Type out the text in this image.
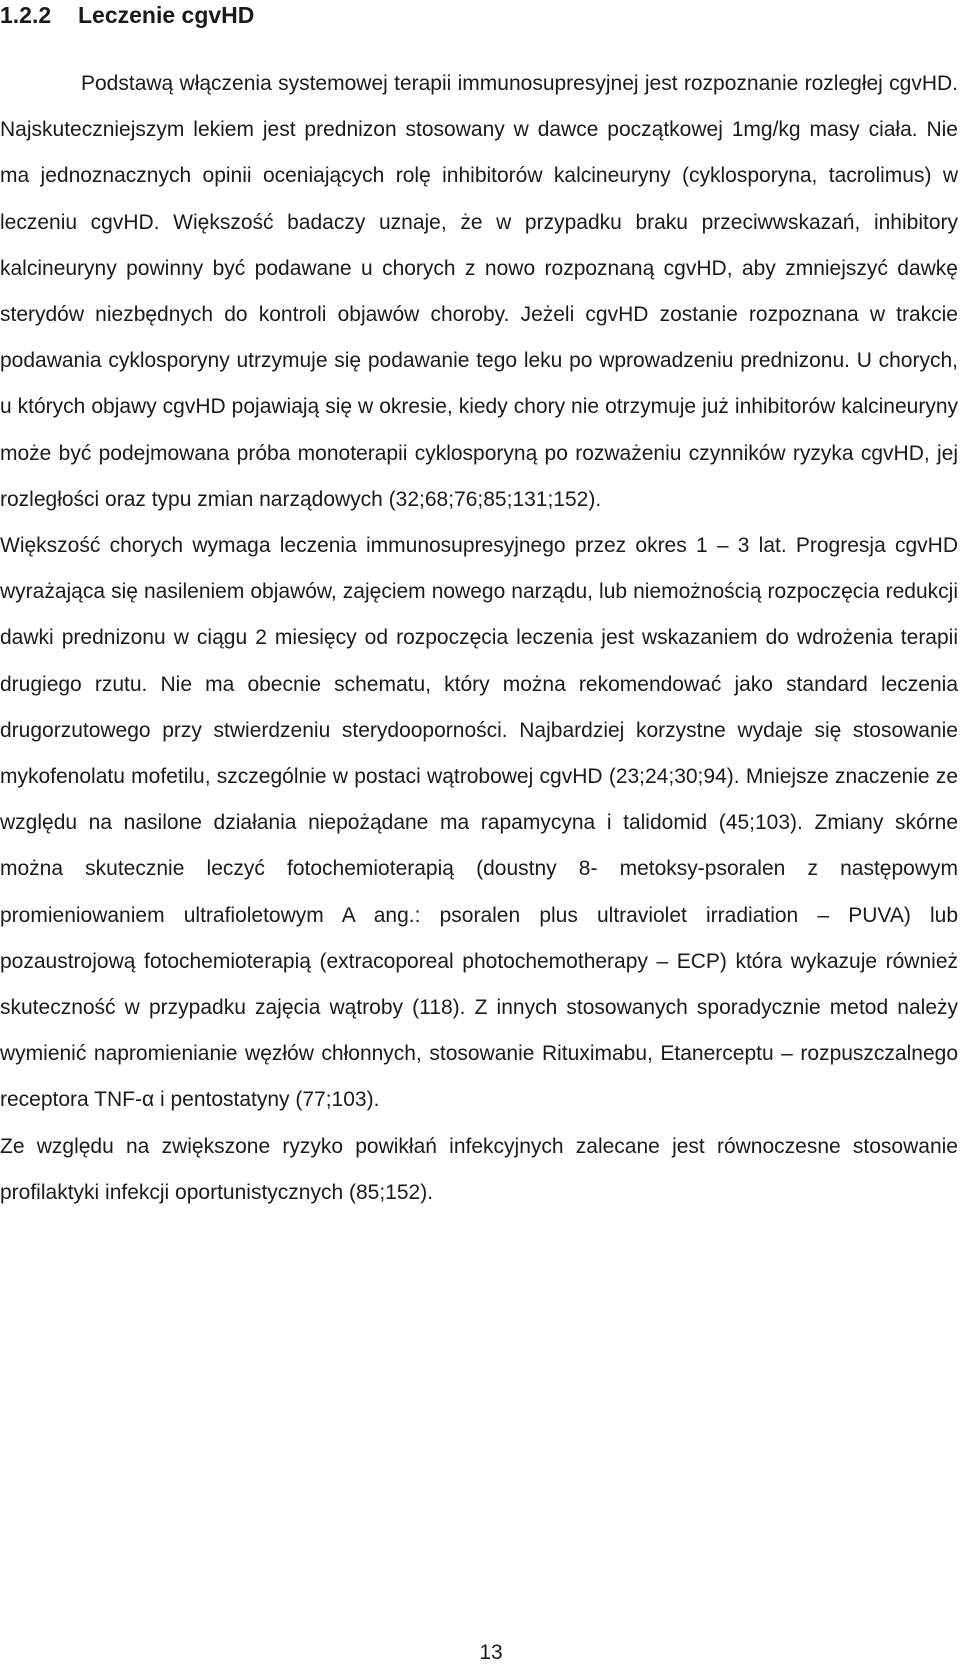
1.2.2 Leczenie cgvHD

Podstawą włączenia systemowej terapii immunosupresyjnej jest rozpoznanie rozległej cgvHD. Najskuteczniejszym lekiem jest prednizon stosowany w dawce początkowej 1mg/kg masy ciała. Nie ma jednoznacznych opinii oceniających rolę inhibitorów kalcineuryny (cyklosporyna, tacrolimus) w leczeniu cgvHD. Większość badaczy uznaje, że w przypadku braku przeciwwskazań, inhibitory kalcineuryny powinny być podawane u chorych z nowo rozpoznaną cgvHD, aby zmniejszyć dawkę sterydów niezbędnych do kontroli objawów choroby. Jeżeli cgvHD zostanie rozpoznana w trakcie podawania cyklosporyny utrzymuje się podawanie tego leku po wprowadzeniu prednizonu. U chorych, u których objawy cgvHD pojawiają się w okresie, kiedy chory nie otrzymuje już inhibitorów kalcineuryny może być podejmowana próba monoterapii cyklosporyną po rozważeniu czynników ryzyka cgvHD, jej rozległości oraz typu zmian narządowych (32;68;76;85;131;152).

Większość chorych wymaga leczenia immunosupresyjnego przez okres 1 – 3 lat. Progresja cgvHD wyrażająca się nasileniem objawów, zajęciem nowego narządu, lub niemożnością rozpoczęcia redukcji dawki prednizonu w ciągu 2 miesięcy od rozpoczęcia leczenia jest wskazaniem do wdrożenia terapii drugiego rzutu. Nie ma obecnie schematu, który można rekomendować jako standard leczenia drugorzutowego przy stwierdzeniu sterydooporności. Najbardziej korzystne wydaje się stosowanie mykofenolatu mofetilu, szczególnie w postaci wątrobowej cgvHD (23;24;30;94). Mniejsze znaczenie ze względu na nasilone działania niepożądane ma rapamycyna i talidomid (45;103). Zmiany skórne można skutecznie leczyć fotochemioterapią (doustny 8- metoksy-psoralen z następowym promieniowaniem ultrafioletowym A ang.: psoralen plus ultraviolet irradiation – PUVA) lub pozaustrojową fotochemioterapią (extracoporeal photochemotherapy – ECP) która wykazuje również skuteczność w przypadku zajęcia wątroby (118). Z innych stosowanych sporadycznie metod należy wymienić napromienianie węzłów chłonnych, stosowanie Rituximabu, Etanerceptu – rozpuszczalnego receptora TNF-α i pentostatyny (77;103).

Ze względu na zwiększone ryzyko powikłań infekcyjnych zalecane jest równoczesne stosowanie profilaktyki infekcji oportunistycznych (85;152).

13
